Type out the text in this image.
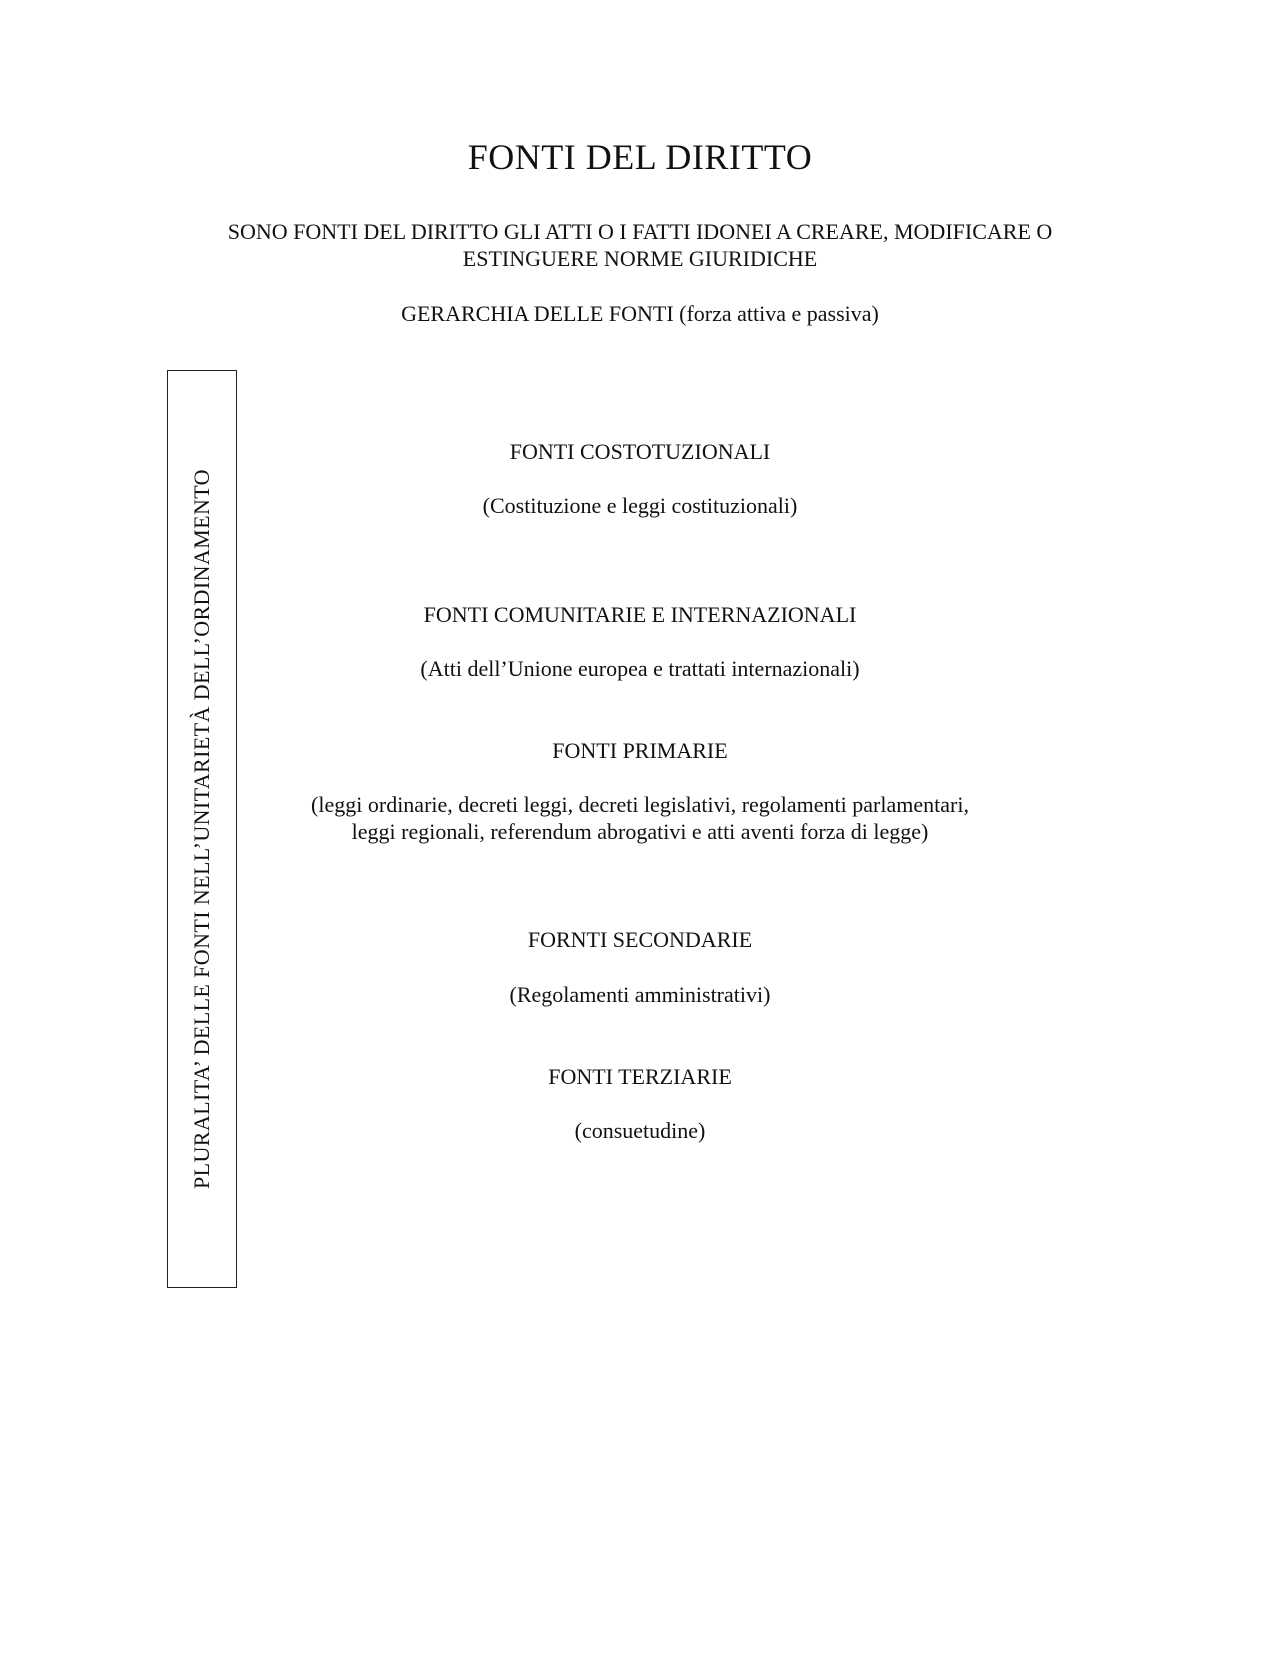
FONTI DEL DIRITTO

SONO FONTI DEL DIRITTO GLI ATTI O I FATTI IDONEI A CREARE, MODIFICARE O ESTINGUERE NORME GIURIDICHE

GERARCHIA DELLE FONTI (forza attiva e passiva)

PLURALITA’ DELLE FONTI NELL’UNITARIETÀ DELL’ORDINAMENTO

FONTI COSTOTUZIONALI

(Costituzione e leggi costituzionali)

FONTI COMUNITARIE E INTERNAZIONALI

(Atti dell’Unione europea e trattati internazionali)

FONTI PRIMARIE

(leggi ordinarie, decreti leggi, decreti legislativi, regolamenti parlamentari, leggi regionali, referendum abrogativi e atti aventi forza di legge)

FORNTI SECONDARIE

(Regolamenti amministrativi)

FONTI TERZIARIE

(consuetudine)
